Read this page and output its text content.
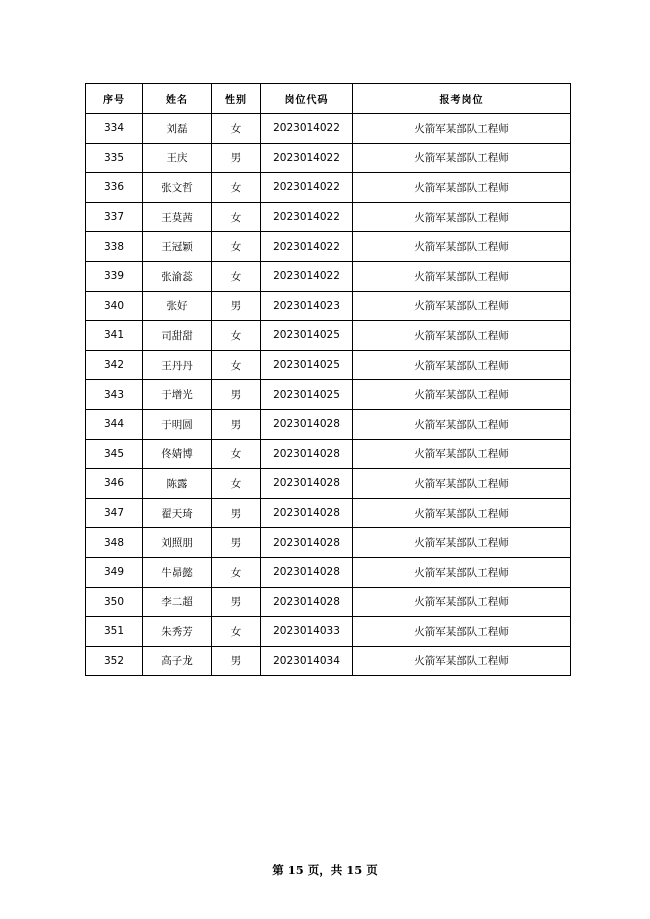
序号	姓名	性别	岗位代码	报考岗位
334	刘磊	女	2023014022	火箭军某部队工程师
335	王庆	男	2023014022	火箭军某部队工程师
336	张文哲	女	2023014022	火箭军某部队工程师
337	王莫茜	女	2023014022	火箭军某部队工程师
338	王冠颖	女	2023014022	火箭军某部队工程师
339	张渝蕊	女	2023014022	火箭军某部队工程师
340	张好	男	2023014023	火箭军某部队工程师
341	司甜甜	女	2023014025	火箭军某部队工程师
342	王丹丹	女	2023014025	火箭军某部队工程师
343	于增光	男	2023014025	火箭军某部队工程师
344	于明圆	男	2023014028	火箭军某部队工程师
345	佟婧博	女	2023014028	火箭军某部队工程师
346	陈露	女	2023014028	火箭军某部队工程师
347	翟天琦	男	2023014028	火箭军某部队工程师
348	刘照朋	男	2023014028	火箭军某部队工程师
349	牛昴懿	女	2023014028	火箭军某部队工程师
350	李二超	男	2023014028	火箭军某部队工程师
351	朱秀芳	女	2023014033	火箭军某部队工程师
352	高子龙	男	2023014034	火箭军某部队工程师
第 15 页，共 15 页
